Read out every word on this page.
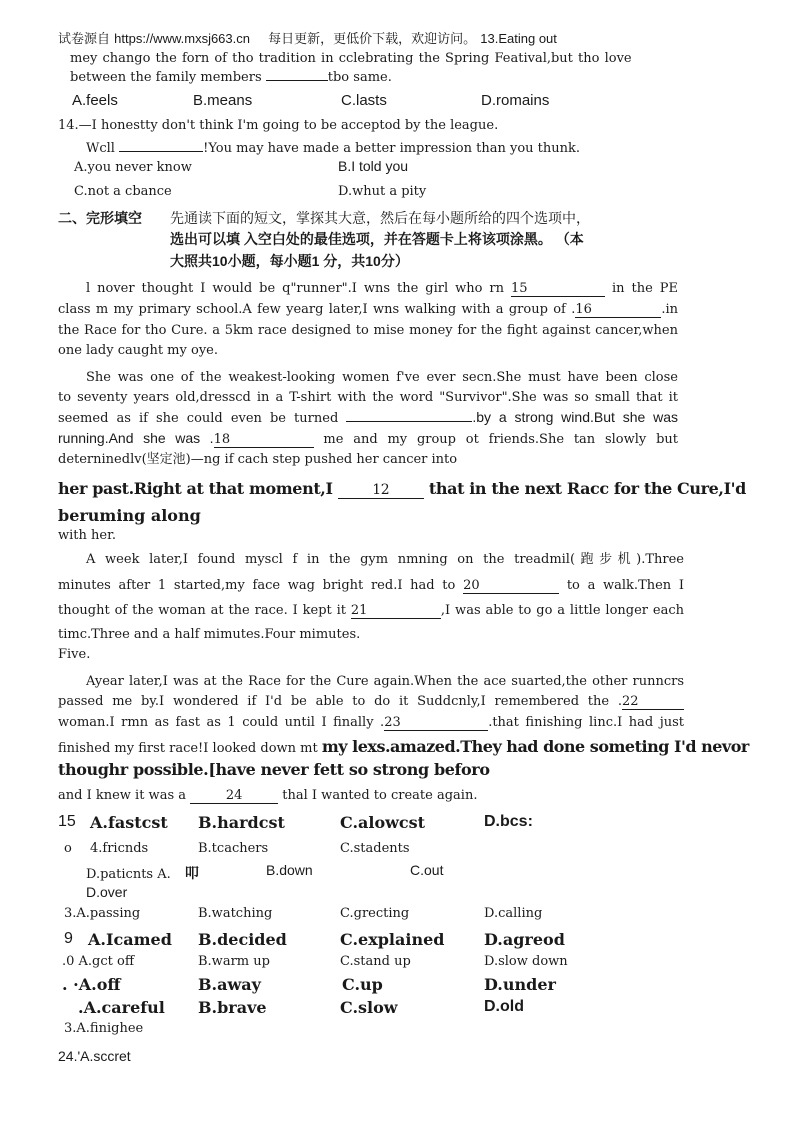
试卷源自 https://www.mxsj663.cn 每日更新，更低价下载，欢迎访问。 13.Eating out
mey chango the forn of tho tradition in cclebrating the Spring Featival,but tho love
between the family members	tbo same.
A.feels	B.means	C.lasts	D.romains
14.—I honestty don't think I'm going to be acceptod by the league.
Wcll	!You may have made a better impression than you thunk.
A.you never know	B.I told you
C.not a cbance	D.whut a pity
二、完形填空 先通读下面的短文，掌探其大意，然后在每小题所给的四个选项中，
选出可以填 入空白处的最佳选项，并在答题卡上将该项涂黑。 （本
大照共10小题，每小题1 分，共10分）
l nover thought I would be q"runner".I wns the girl who rn 15	in the PE
class m my primary school.A few yearg later,I wns walking with a group of .16	.in
the Race for tho Cure. a 5km race designed to mise money for the fight against cancer,when
one lady caught my oye.
She was one of the weakest-looking women f've ever secn.She must have been close
to seventy years old,dresscd in a T-shirt with the word "Survivor".She was so small that it
seemed as if she could even be turned	.by a strong wind.But she was
running.And she was .18	me and my group ot friends.She tan slowly but
deterninedlv(坚定池)—ng if cach step pushed her cancer into
her past.Right at that moment,I	12 that in the next Racc for the Cure,I'd
beruming along
with her.
A week later,I found myscl f in the gym nmning on the treadmil(跑步机).Three
minutes after 1 started,my face wag bright red.I had to 20	to a walk.Then I
thought of the woman at the race. I kept it 21	,I was able to go a little longer each
timc.Three and a half mimutes.Four mimutes.
Five.
Ayear later,I was at the Race for the Cure again.When the ace suarted,the other runncrs
passed me by.I wondered if I'd be able to do it Suddcnly,I remembered the .22
woman.I rmn as fast as 1 could until I finally .23	.that finishing linc.I had just
finished my first race!I looked down mt my lexs.amazed.They had done someting I'd nevor
thoughr possible.[have never fett so strong beforo
and I knew it was a	24	thal I wanted to create again.
15 A.fastcst B.hardcst	C.alowcst	D.bcs:
o 4.fricnds	B.tcachers	C.stadents
D.paticnts A. 叩	B.down	C.out
D.over
3.A.passing	B.watching	C.grecting	D.calling
9 A.Icamed B.decided	C.explained D.agreod
.0 A.gct off	B.warm up	C.stand up	D.slow down
. ·A.off	B.away	C.up	D.under
.A.careful B.brave	C.slow	D.old
3.A.finighee
24.'A.sccret
